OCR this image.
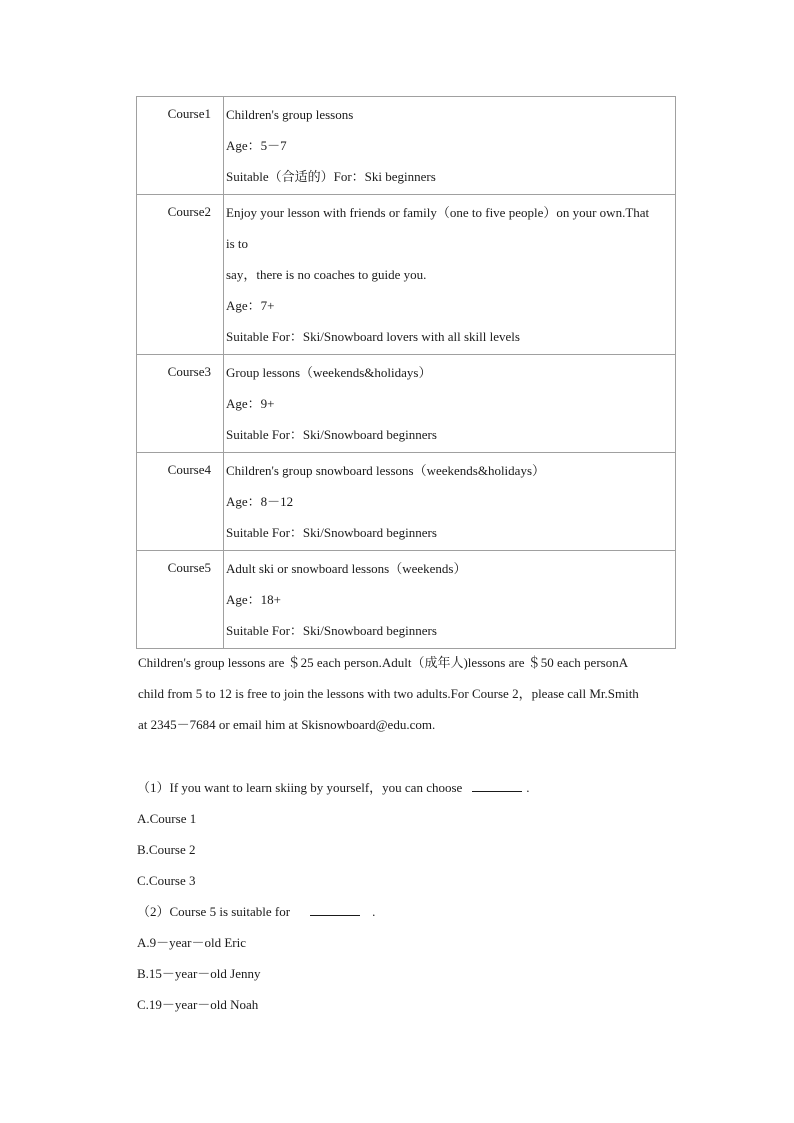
Course1	Children's group lessons
Age：5－7
Suitable（合适的）For：Ski beginners

Course2	Enjoy your lesson with friends or family（one to five people）on your own.That
is to
say，there is no coaches to guide you.
Age：7+
Suitable For：Ski/Snowboard lovers with all skill levels

Course3	Group lessons（weekends&holidays）
Age：9+
Suitable For：Ski/Snowboard beginners

Course4	Children's group snowboard lessons（weekends&holidays）
Age：8－12
Suitable For：Ski/Snowboard beginners

Course5	Adult ski or snowboard lessons（weekends）
Age：18+
Suitable For：Ski/Snowboard beginners
Children's group lessons are ＄25 each person.Adult（成年人)lessons are ＄50 each personA
child from 5 to 12 is free to join the lessons with two adults.For Course 2，please call Mr.Smith
at 2345－7684 or email him at Skisnowboard@edu.com.
（1）If you want to learn skiing by yourself，you can choose	.
A.Course 1
B.Course 2
C.Course 3
（2）Course 5 is suitable for	.
A.9－year－old Eric
B.15－year－old Jenny
C.19－year－old Noah
